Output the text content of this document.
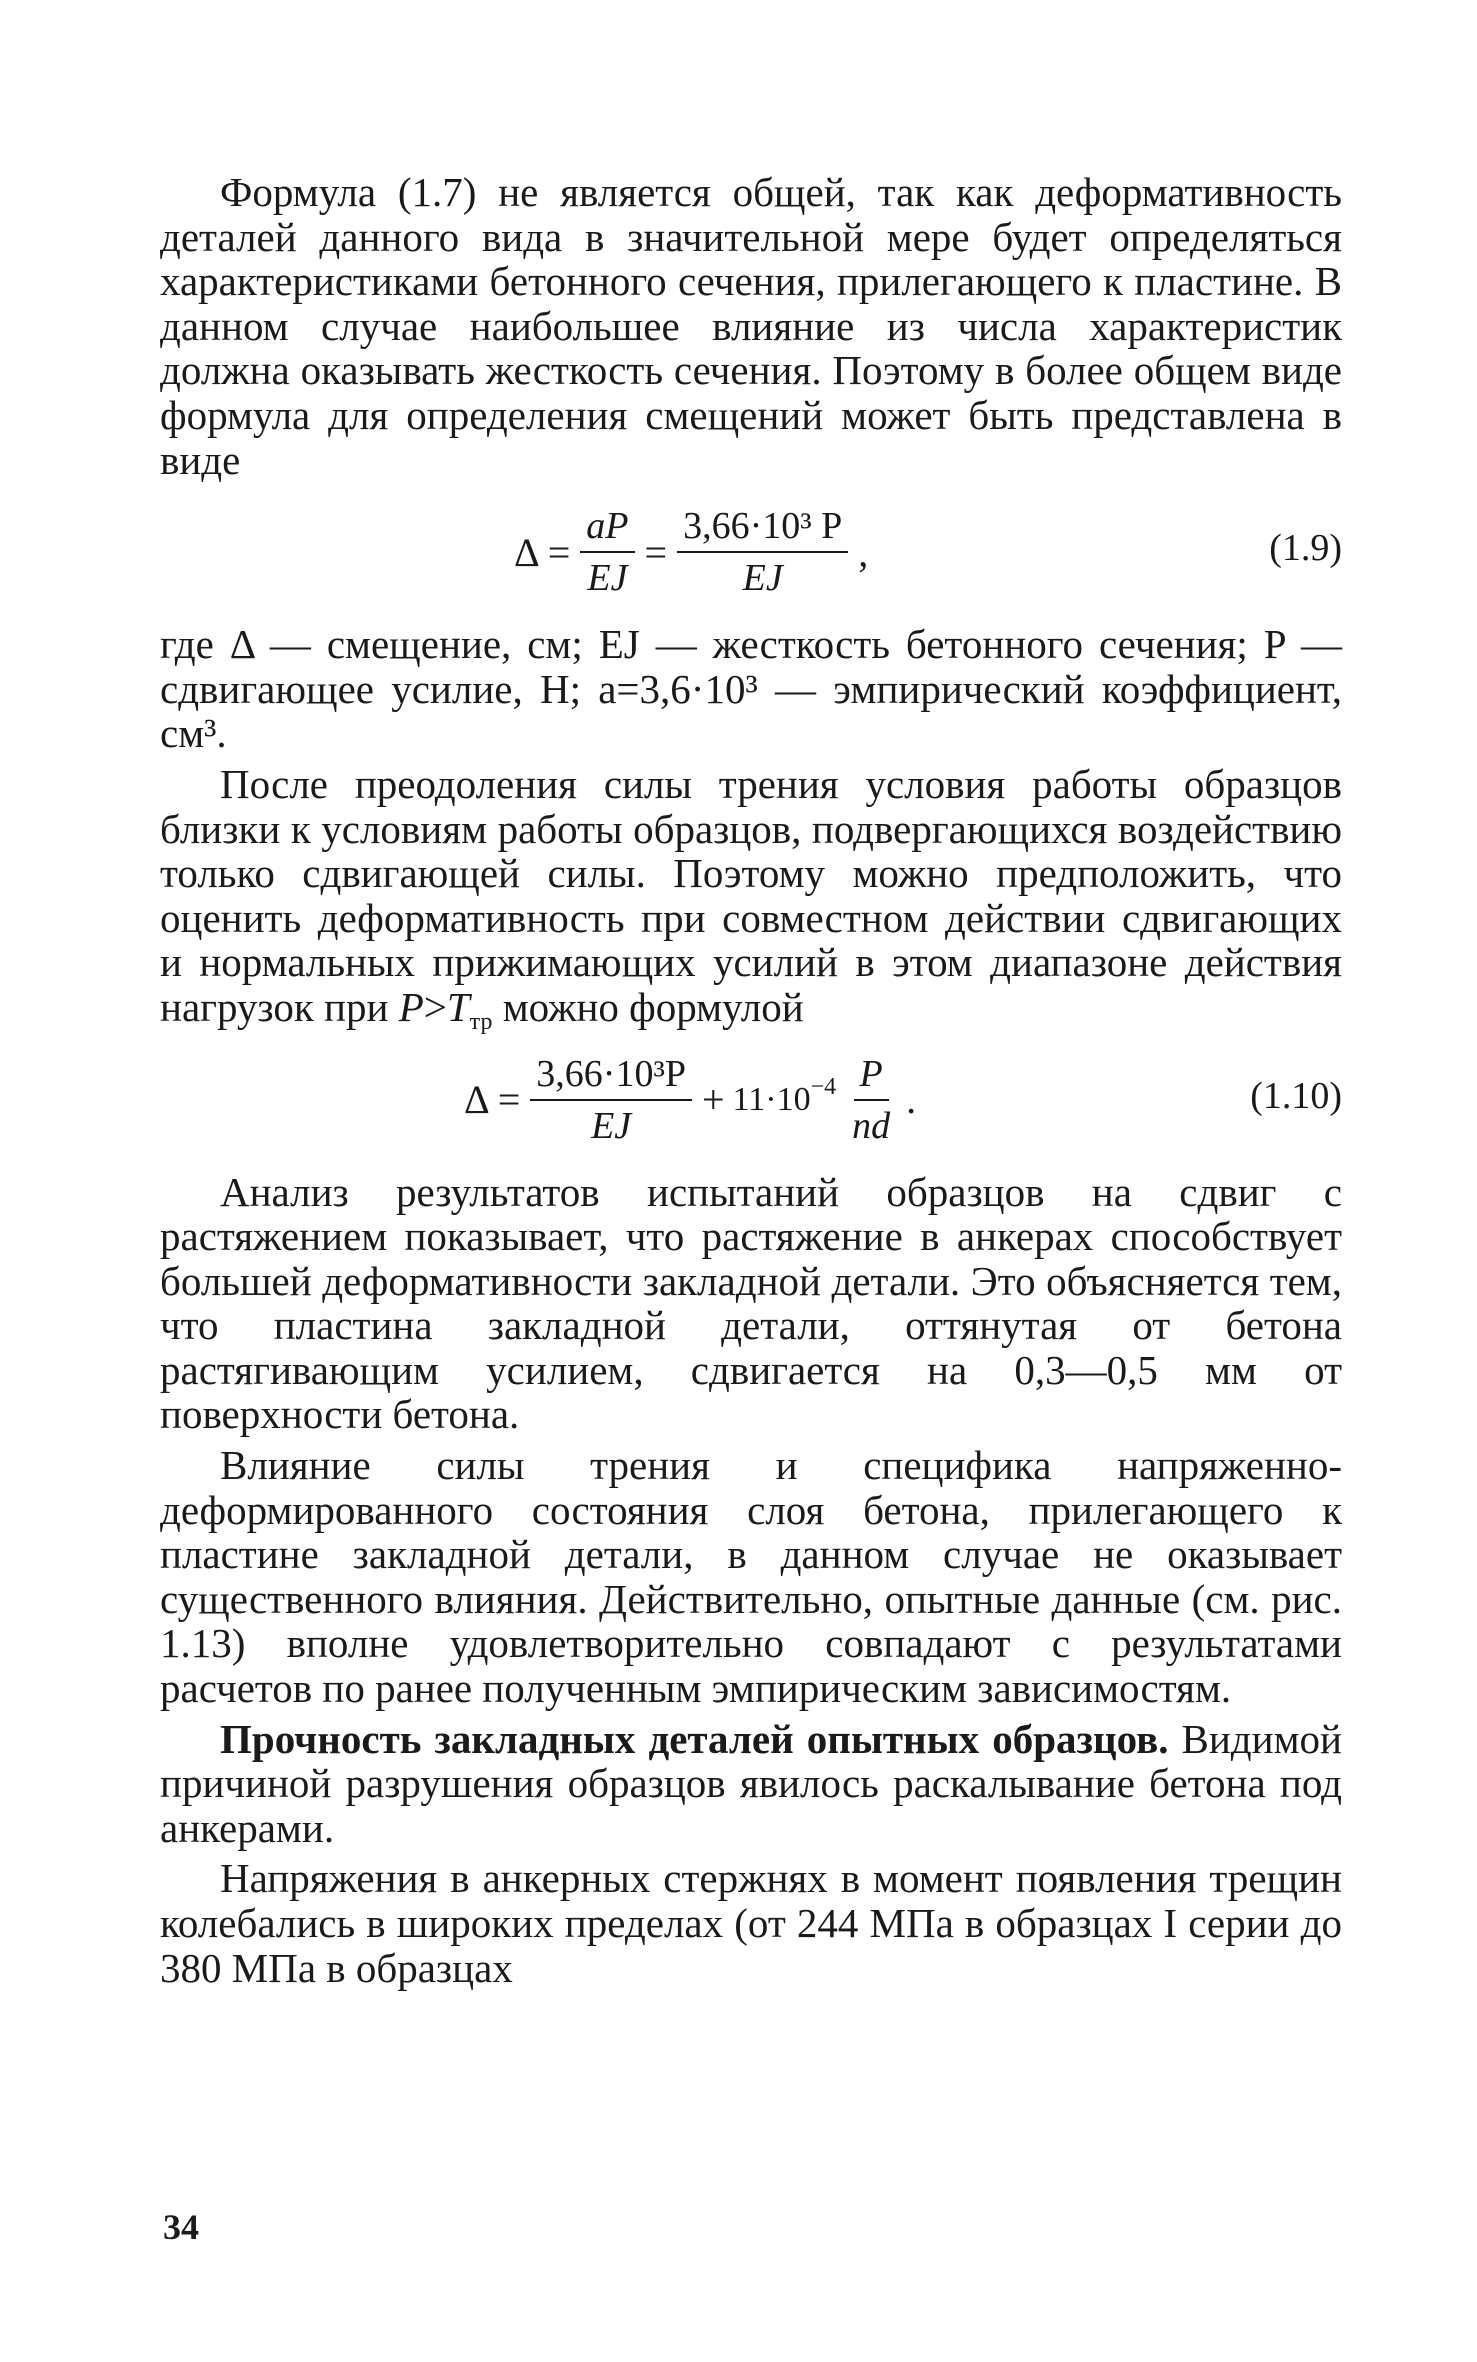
Формула (1.7) не является общей, так как деформативность деталей данного вида в значительной мере будет определяться характеристиками бетонного сечения, прилегающего к пластине. В данном случае наибольшее влияние из числа характеристик должна оказывать жесткость сечения. Поэтому в более общем виде формула для определения смещений может быть представлена в виде

$\Delta = \frac{aP}{EJ} = \frac{\text{3,66·10³ P}}{EJ}$ ,	(1.9)

где Δ — смещение, см; EJ — жесткость бетонного сечения; P — сдвигающее усилие, Н; a=3,6·10³ — эмпирический коэффициент, см³.

После преодоления силы трения условия работы образцов близки к условиям работы образцов, подвергающихся воздействию только сдвигающей силы. Поэтому можно предположить, что оценить деформативность при совместном действии сдвигающих и нормальных прижимающих усилий в этом диапазоне действия нагрузок при $P>T_{тр}$ можно формулой

$\Delta = \frac{\text{3,66·10³P}}{EJ} + 11\cdot 10^{-4} \frac{P}{nd}$ .	(1.10)

Анализ результатов испытаний образцов на сдвиг с растяжением показывает, что растяжение в анкерах способствует большей деформативности закладной детали. Это объясняется тем, что пластина закладной детали, оттянутая от бетона растягивающим усилием, сдвигается на 0,3—0,5 мм от поверхности бетона.

Влияние силы трения и специфика напряженно-деформированного состояния слоя бетона, прилегающего к пластине закладной детали, в данном случае не оказывает существенного влияния. Действительно, опытные данные (см. рис. 1.13) вполне удовлетворительно совпадают с результатами расчетов по ранее полученным эмпирическим зависимостям.

Прочность закладных деталей опытных образцов. Видимой причиной разрушения образцов явилось раскалывание бетона под анкерами.

Напряжения в анкерных стержнях в момент появления трещин колебались в широких пределах (от 244 МПа в образцах I серии до 380 МПа в образцах

34
